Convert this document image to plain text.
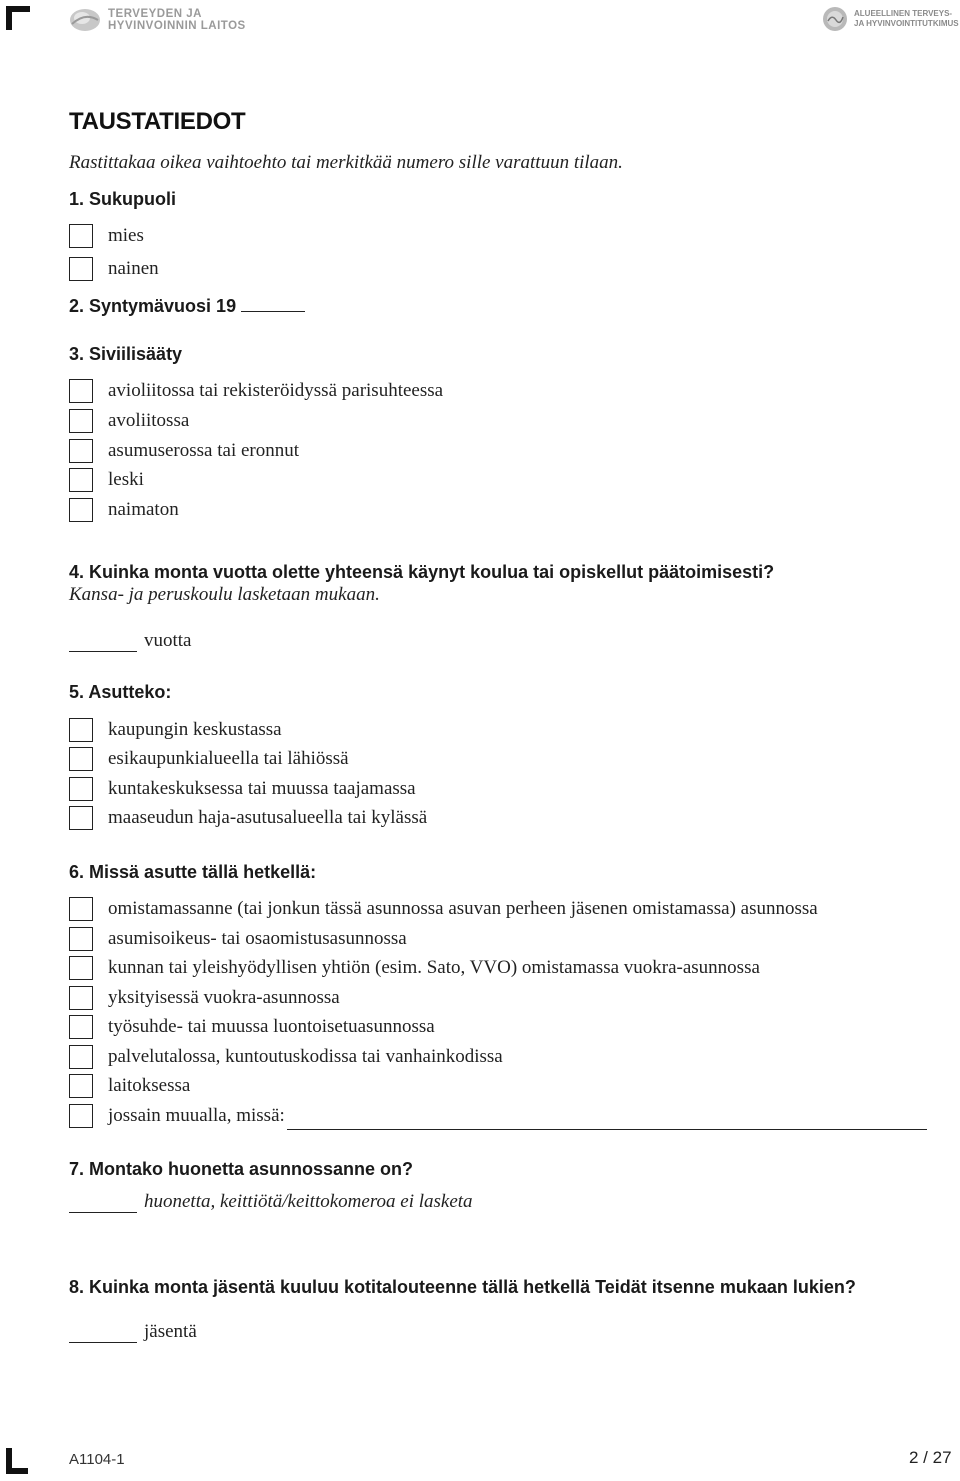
TERVEYDEN JA
HYVINVOINNIN LAITOS
ALUEELLINEN TERVEYS-
JA HYVINVOINTITUTKIMUS
TAUSTATIEDOT
Rastittakaa oikea vaihtoehto tai merkitkää numero sille varattuun tilaan.
1. Sukupuoli
mies
nainen
2. Syntymävuosi 19
3. Siviilisääty
avioliitossa tai rekisteröidyssä parisuhteessa
avoliitossa
asumuserossa tai eronnut
leski
naimaton
4. Kuinka monta vuotta olette yhteensä käynyt koulua tai opiskellut päätoimisesti?
Kansa- ja peruskoulu lasketaan mukaan.
vuotta
5. Asutteko:
kaupungin keskustassa
esikaupunkialueella tai lähiössä
kuntakeskuksessa tai muussa taajamassa
maaseudun haja-asutusalueella tai kylässä
6. Missä asutte tällä hetkellä:
omistamassanne (tai jonkun tässä asunnossa asuvan perheen jäsenen omistamassa) asunnossa
asumisoikeus- tai osaomistusasunnossa
kunnan tai yleishyödyllisen yhtiön (esim. Sato, VVO) omistamassa vuokra-asunnossa
yksityisessä vuokra-asunnossa
työsuhde- tai muussa luontoisetuasunnossa
palvelutalossa, kuntoutuskodissa tai vanhainkodissa
laitoksessa
jossain muualla, missä:
7. Montako huonetta asunnossanne on?
huonetta, keittiötä/keittokomeroa ei lasketa
8. Kuinka monta jäsentä kuuluu kotitalouteenne tällä hetkellä Teidät itsenne mukaan lukien?
jäsentä
A1104-1	2 / 27
